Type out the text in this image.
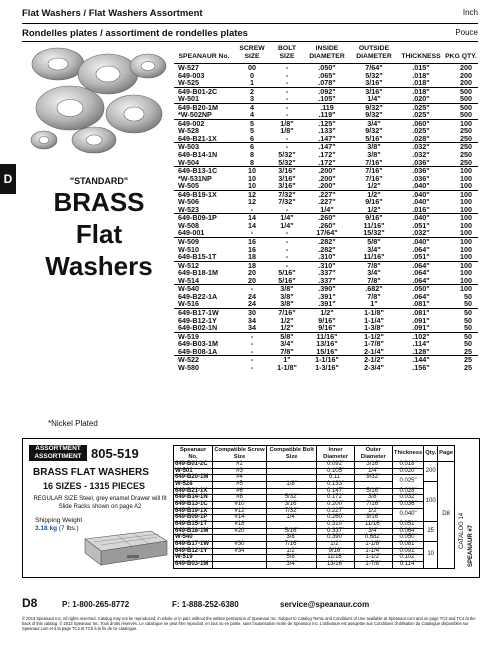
Flat Washers / Flat Washers Assortment	Inch
Rondelles plates / assortiment de rondelles plates	Pouce
D	"STANDARD"
BRASS
Flat
Washers
*Nickel Plated
SPEANAUR No.	SCREW SIZE	BOLT SIZE	INSIDE DIAMETER	OUTSIDE DIAMETER	THICKNESS	PKG QTY.
W-527	00	-	.050"	7/64"	.015"	200
649-003	0	-	.065"	5/32"	.018"	200
W-525	1	-	.078"	3/16"	.018"	200
649-B01-2C	2	-	.092"	3/16"	.018"	500
W-501	3	-	.105"	1/4"	.020"	500
649-B20-1M	4	-	.119	9/32"	.025"	500
*W-502NP	4	-	.119"	9/32"	.025"	500
649-002	5	1/8"	.125"	3/4"	.060"	100
W-528	5	1/8"	.133"	9/32"	.025"	250
649-B21-1X	6	-	.147"	5/16"	.028"	250
W-503	6	-	.147"	3/8"	.032"	250
649-B14-1N	8	5/32"	.172"	3/8"	.032"	250
W-504	8	5/32"	.172"	7/16"	.036"	250
649-B13-1C	10	3/16"	.200"	7/16"	.036"	100
*W-531NP	10	3/16"	.200"	7/16"	.036"	100
W-505	10	3/16"	.200"	1/2"	.040"	100
649-B19-1X	12	7/32"	.227"	1/2"	.040"	100
W-506	12	7/32"	.227"	9/16"	.040"	100
W-523	-	-	1/4"	1/2"	.016"	100
649-B09-1P	14	1/4"	.260"	9/16"	.040"	100
W-508	14	1/4"	.260"	11/16"	.051"	100
649-001	-	-	17/64"	15/32"	.032"	100
W-509	16	-	.282"	5/8"	.040"	100
W-510	16	-	.282"	3/4"	.064"	100
649-B15-1T	18	-	.310"	11/16"	.051"	100
W-512	18	-	.310"	7/8"	.064"	100
649-B18-1M	20	5/16"	.337"	3/4"	.064"	100
W-514	20	5/16"	.337"	7/8"	.064"	100
W-540	-	3/8"	.390"	.682"	.050"	100
649-B22-1A	24	3/8"	.391"	7/8"	.064"	50
W-516	24	3/8"	.391"	1"	.081"	50
649-B17-1W	30	7/16"	1/2"	1-1/8"	.081"	50
649-B12-1Y	34	1/2"	9/16"	1-1/4"	.091"	50
649-B02-1N	34	1/2"	9/16"	1-3/8"	.091"	50
W-519	-	5/8"	11/16"	1-1/2"	.102"	50
649-B03-1M	-	3/4"	13/16"	1-7/8"	.114"	50
649-B08-1A	-	7/8"	15/16"	2-1/4"	.128"	25
W-522	-	1"	1-1/16"	2-1/2"	.144"	25
W-580	-	1-1/8"	1-3/16"	2-3/4"	.156"	25
ASSORTMENT
ASSORTIMENT 805-519
BRASS FLAT WASHERS
16 SIZES - 1315 PIECES
REGULAR SIZE Steel, grey enamel Drawer will fit Slide Racks shown on page A2
Shipping Weight
3.18 kg (7 lbs.)
Speanaur No.	Compatible Screw Size	Compatible Bolt Size	Inner Diameter	Outer Diameter	Thickness	Qty.	Page
649-B01-2C	#2		0.092"	3/16"	0.018"	200	D8
W-501	#3		0.105"	1/4"	0.020"		
649-B20-1M	#4		0.11"	9/32"	0.025"		
W-528	#5	1/8"	0.133"			100	
649-B21-1X	#6		0.147"	5/16"	0.028"		
649-B14-1N	#8	5/32"	0.172"	3/8"	0.032"		
649-B13-1C	#10	3/16"	0.200"	7/16"	0.036"		
649-B19-1X	#12	7/32"	0.227"	1/2"	0.040"		
649-B09-1P	#14	1/4"	0.260"	9/16"			
649-B15-1T	#18		0.310"	11/16"	0.051"	25	
649-B18-1M	#20	5/16"	0.337"	3/4"	0.064"		
W-540		3/8"	0.390"	0.682"	0.050"		
649-B17-1W	#30	7/16"	1/2"	1-1/8"	0.081"	10	
649-B12-1Y	#34	1/2"	9/16"	1-1/4"	0.091"		
W-519		5/8"	11/16"	1-1/2"	0.102"		
649-B03-1M		3/4"	13/16"	1-7/8"	0.114"		
CATALOG 14 SPEANAUR #7
D8	P: 1-800-265-8772	F: 1-888-252-6380	service@speanaur.com
© 2013 Speanaur Inc. All rights reserved. Catalog may not be reproduced, in whole or in part, without the written permission of Speanaur Inc. Subject to Catalog Terms and Conditions of Use available at Speanaur.com and on page TC3 and TC4 at the back of this catalog. © 2013 Speanaur Inc. Tous droits réservés. Le catalogue ne peut être reproduit, en tout ou en partie, sans l'autorisation écrite de Speanaur Inc. L'utilisation est assujettie aux Conditions d'utilisation du Catalogue disponibles sur Speanaur.com et à la page TC4 et TC5 à la fin de ce catalogue.
